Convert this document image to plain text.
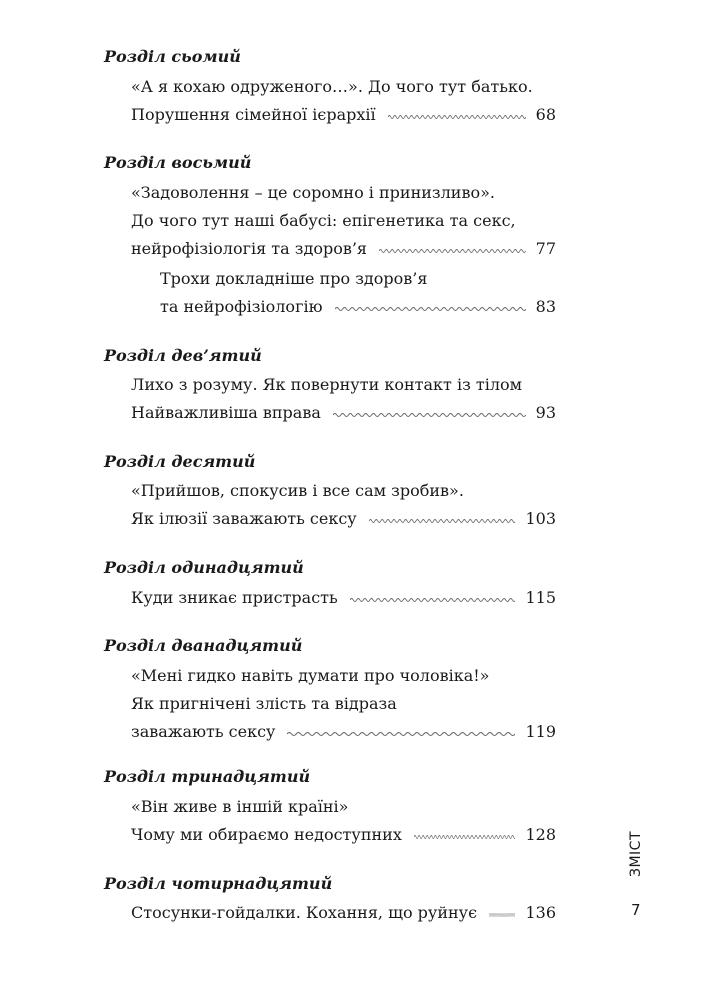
Розділ сьомий
«А я кохаю одруженого…». До чого тут батько.
Порушення сімейної ієрархії	68
Розділ восьмий
«Задоволення – це соромно і принизливо».
До чого тут наші бабусі: епігенетика та секс,
нейрофізіологія та здоров’я	77
Трохи докладніше про здоров’я
та нейрофізіологію	83
Розділ дев’ятий
Лихо з розуму. Як повернути контакт із тілом
Найважливіша вправа	93
Розділ десятий
«Прийшов, спокусив і все сам зробив».
Як ілюзії заважають сексу	103
Розділ одинадцятий
Куди зникає пристрасть	115
Розділ дванадцятий
«Мені гидко навіть думати про чоловіка!»
Як пригнічені злість та відраза
заважають сексу	119
Розділ тринадцятий
«Він живе в іншій країні»
Чому ми обираємо недоступних	128
Розділ чотирнадцятий
Стосунки-гойдалки. Кохання, що руйнує	136
ЗМІСТ
7
